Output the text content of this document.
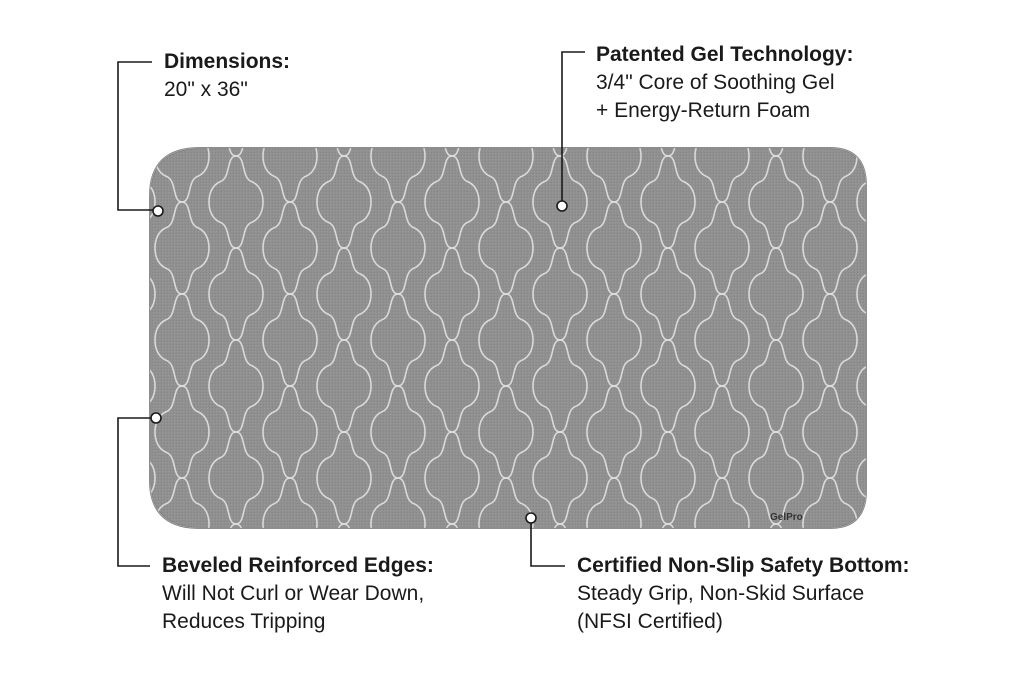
GelPro
Dimensions:
20" x 36"
Patented Gel Technology:
3/4" Core of Soothing Gel
+ Energy-Return Foam
Beveled Reinforced Edges:
Will Not Curl or Wear Down,
Reduces Tripping
Certified Non-Slip Safety Bottom:
Steady Grip, Non-Skid Surface
(NFSI Certified)
